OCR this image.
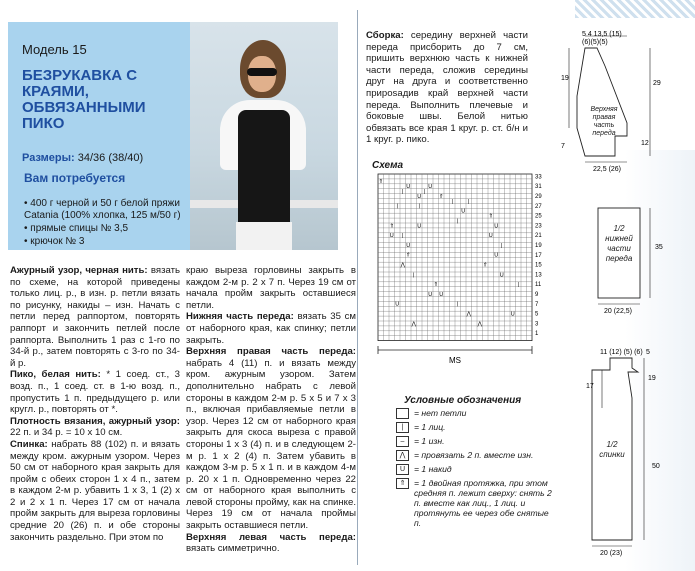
Модель 15
БЕЗРУКАВКА С КРАЯМИ, ОБВЯЗАННЫМИ ПИКО
Размеры: 34/36 (38/40)
Вам потребуется
• 400 г черной и 50 г белой пряжи Catania (100% хлопка, 125 м/50 г)
• прямые спицы № 3,5
• крючок № 3

Ажурный узор, черная нить: вязать по схеме, на которой приведены только лиц. р., в изн. р. петли вязать по рисунку, накиды – изн. Начать с петли перед раппортом, повторять раппорт и закончить петлей после раппорта. Выполнить 1 раз с 1-го по 34-й р., затем повторять с 3-го по 34-й р.

Пико, белая нить: * 1 соед. ст., 3 возд. п., 1 соед. ст. в 1-ю возд. п., пропустить 1 п. предыдущего р. или кругл. р., повторять от *.

Плотность вязания, ажурный узор: 22 п. и 34 р. = 10 х 10 см.

Спинка: набрать 88 (102) п. и вязать между кром. ажурным узором. Через 50 см от наборного края закрыть для пройм с обеих сторон 1 х 4 п., затем в каждом 2-м р. убавить 1 х 3, 1 (2) х 2 и 2 х 1 п. Через 17 см от начала пройм закрыть для выреза горловины средние 20 (26) п. и обе стороны закончить раздельно. При этом по

краю выреза горловины закрыть в каждом 2-м р. 2 х 7 п. Через 19 см от начала пройм закрыть оставшиеся петли.

Нижняя часть переда: вязать 35 см от наборного края, как спинку; петли закрыть.

Верхняя правая часть переда: набрать 4 (11) п. и вязать между кром. ажурным узором. Затем дополнительно набрать с левой стороны в каждом 2-м р. 5 х 5 и 7 х 3 п., включая прибавляемые петли в узор. Через 12 см от наборного края закрыть для скоса выреза с правой стороны 1 х 3 (4) п. и в следующем 2-м р. 1 х 2 (4) п. Затем убавить в каждом 3-м р. 5 х 1 п. и в каждом 4-м р. 20 х 1 п. Одновременно через 22 см от наборного края выполнить с левой стороны пройму, как на спинке. Через 19 см от начала проймы закрыть оставшиеся петли.

Верхняя левая часть переда: вязать симметрично.

Сборка: середину верхней части переда присборить до 7 см, пришить верхнюю часть к нижней части переда, сложив середины друг на друга и соответственно приposадив край верхней части переда. Выполнить плечевые и боковые швы. Белой нитью обвязать все края 1 круг. р. ст. б/н и 1 круг. р. пико.

Схема
33
31
29
27
25
23
21
19
17
15
13
11
9
7
5
3
1
⇑
⇑
U	U
U
|	|
|	|
⇑	U
U |
U
⇑
⋀
⇑
U
U
|
U
⇑
U
⇑
U U
|
⋀
⋀	⋀
|	|
U
|
|
|
U
U
MS
Условные обозначения
= нет петли
|	= 1 лиц.
–	= 1 изн.
⋀	= провязать 2 п. вместе изн.
U	= 1 накид
⇑ = 1 двойная протяжка, при этом средняя п. лежит сверху: снять 2 п. вместе как лиц., 1 лиц. и протянуть ее через обе снятые п.
5 4 13,5 (15)
(6)(5)(5)
19
7
29
12
22,5 (26)
Верхняя правая часть переда
35
20 (22,5)
1/2 нижней части переда
11 (12) (5) (6) 5
17
19
50
20 (23)
1/2 спинки
